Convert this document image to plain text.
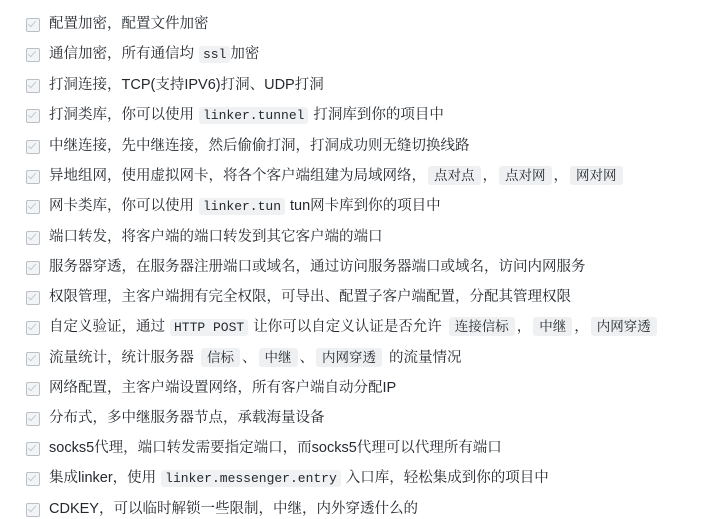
配置加密，配置文件加密
通信加密，所有通信均 ssl 加密
打洞连接，TCP(支持IPV6)打洞、UDP打洞
打洞类库，你可以使用 linker.tunnel 打洞库到你的项目中
中继连接，先中继连接，然后偷偷打洞，打洞成功则无缝切换线路
异地组网，使用虚拟网卡，将各个客户端组建为局域网络， 点对点 ， 点对网 ， 网对网
网卡类库，你可以使用 linker.tun tun网卡库到你的项目中
端口转发，将客户端的端口转发到其它客户端的端口
服务器穿透，在服务器注册端口或域名，通过访问服务器端口或域名，访问内网服务
权限管理，主客户端拥有完全权限，可导出、配置子客户端配置，分配其管理权限
自定义验证，通过 HTTP POST 让你可以自定义认证是否允许 连接信标 ， 中继 ， 内网穿透
流量统计，统计服务器 信标 、 中继 、 内网穿透 的流量情况
网络配置，主客户端设置网络，所有客户端自动分配IP
分布式，多中继服务器节点，承载海量设备
socks5代理，端口转发需要指定端口，而socks5代理可以代理所有端口
集成linker，使用 linker.messenger.entry 入口库，轻松集成到你的项目中
CDKEY，可以临时解锁一些限制，中继，内外穿透什么的
